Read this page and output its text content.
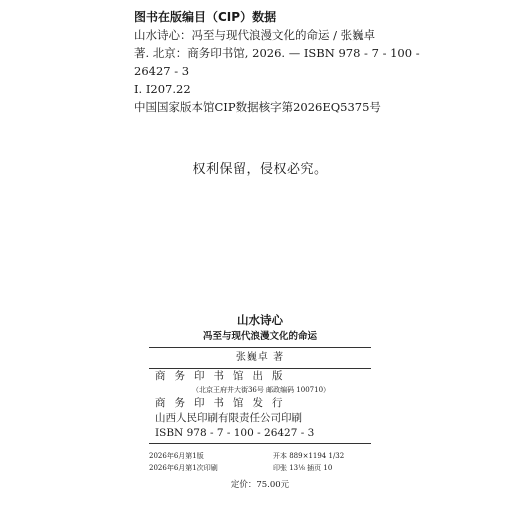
图书在版编目（CIP）数据
山水诗心：冯至与现代浪漫文化的命运 / 张巍卓
著. 北京：商务印书馆, 2026. — ISBN 978 - 7 - 100 -
26427 - 3
Ⅰ. I207.22
中国国家版本馆CIP数据核字第2026EQ5375号
权利保留，侵权必究。
山水诗心
冯至与现代浪漫文化的命运
张巍卓 著
商务印书馆出版
（北京王府井大街36号 邮政编码 100710）
商务印书馆发行
山西人民印刷有限责任公司印刷
ISBN 978 - 7 - 100 - 26427 - 3
2026年6月第1版	开本 889×1194 1/32
2026年6月第1次印刷	印张 13⅛ 插页 10
定价：75.00元
